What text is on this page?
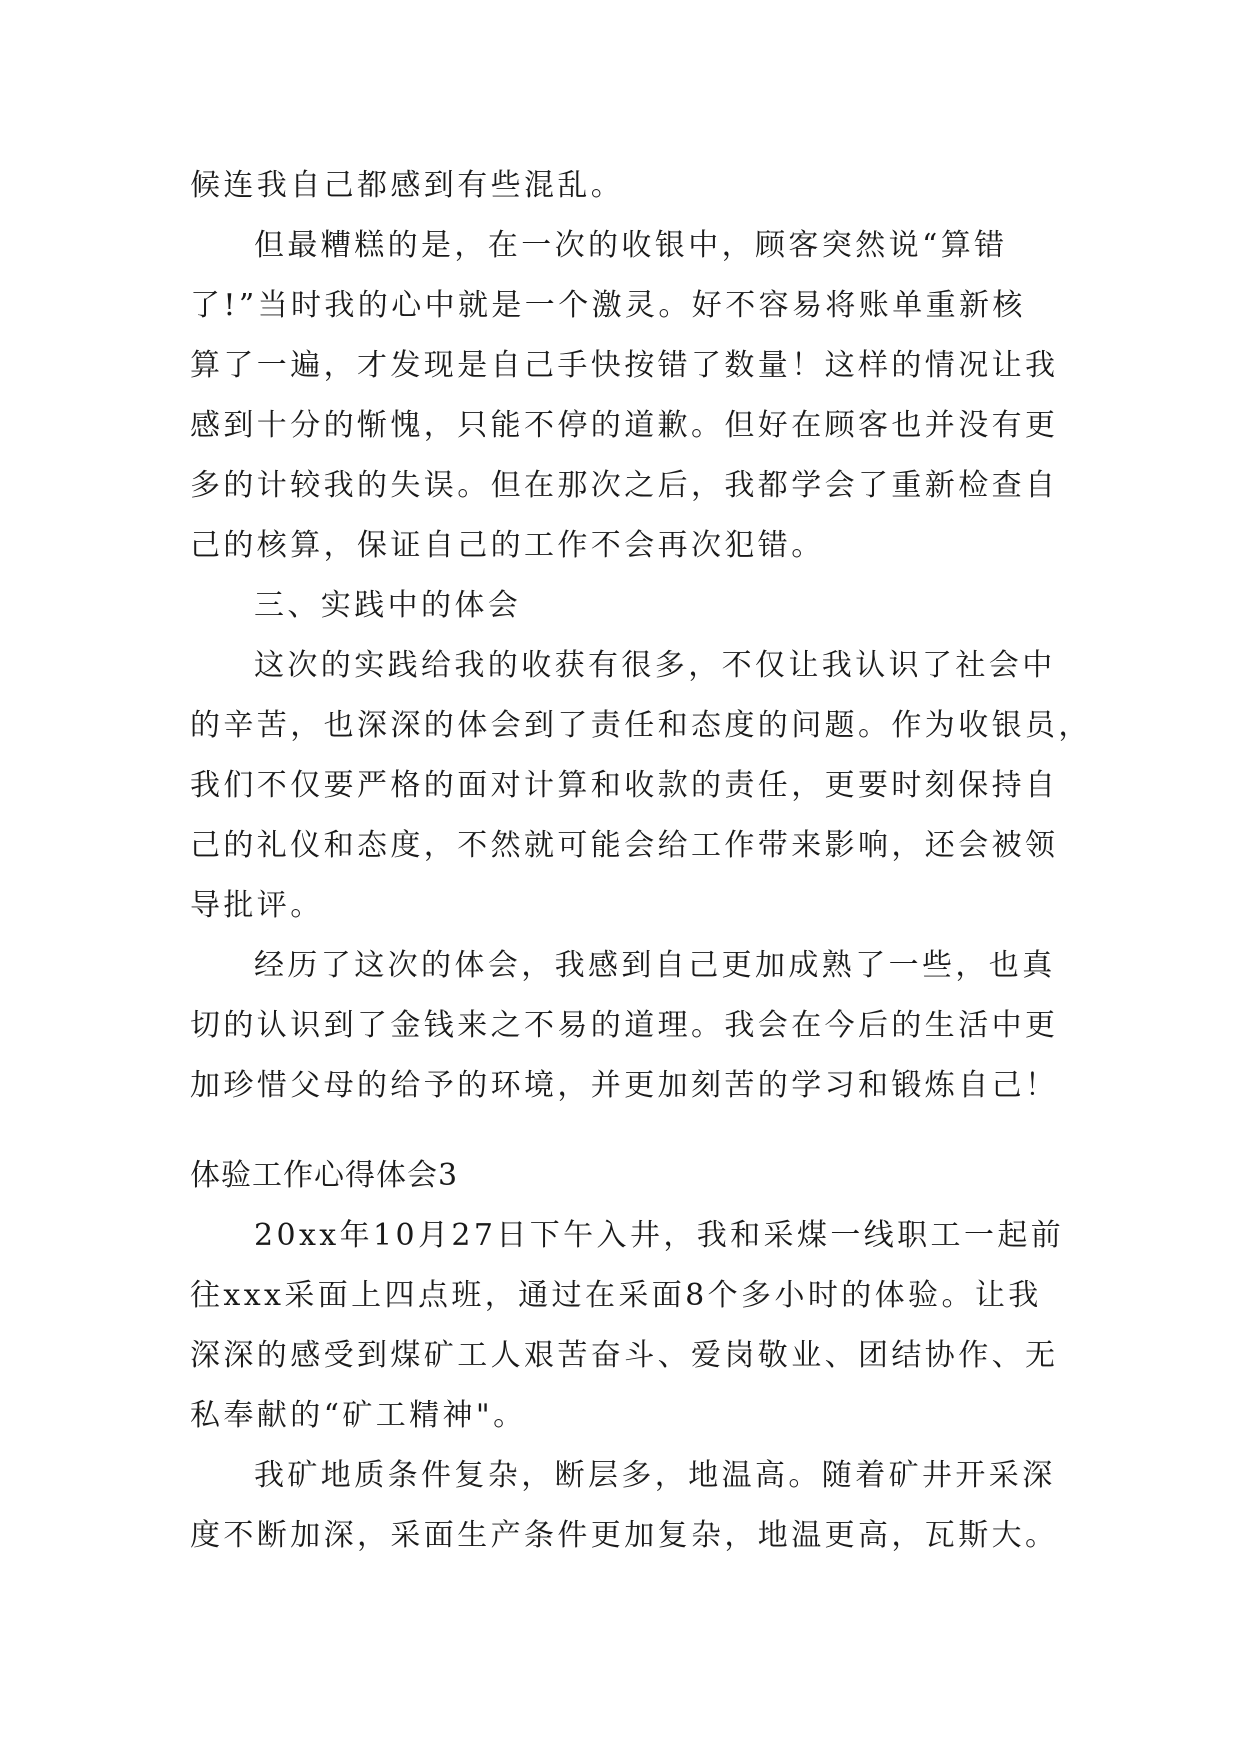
候连我自己都感到有些混乱。
但最糟糕的是，在一次的收银中，顾客突然说“算错
了!”当时我的心中就是一个激灵。好不容易将账单重新核
算了一遍，才发现是自己手快按错了数量！这样的情况让我
感到十分的惭愧，只能不停的道歉。但好在顾客也并没有更
多的计较我的失误。但在那次之后，我都学会了重新检查自
己的核算，保证自己的工作不会再次犯错。
三、实践中的体会
这次的实践给我的收获有很多，不仅让我认识了社会中
的辛苦，也深深的体会到了责任和态度的问题。作为收银员，
我们不仅要严格的面对计算和收款的责任，更要时刻保持自
己的礼仪和态度，不然就可能会给工作带来影响，还会被领
导批评。
经历了这次的体会，我感到自己更加成熟了一些，也真
切的认识到了金钱来之不易的道理。我会在今后的生活中更
加珍惜父母的给予的环境，并更加刻苦的学习和锻炼自己！
体验工作心得体会3
20xx年10月27日下午入井，我和采煤一线职工一起前
往xxx采面上四点班，通过在采面8个多小时的体验。让我
深深的感受到煤矿工人艰苦奋斗、爱岗敬业、团结协作、无
私奉献的“矿工精神"。
我矿地质条件复杂，断层多，地温高。随着矿井开采深
度不断加深，采面生产条件更加复杂，地温更高，瓦斯大。
